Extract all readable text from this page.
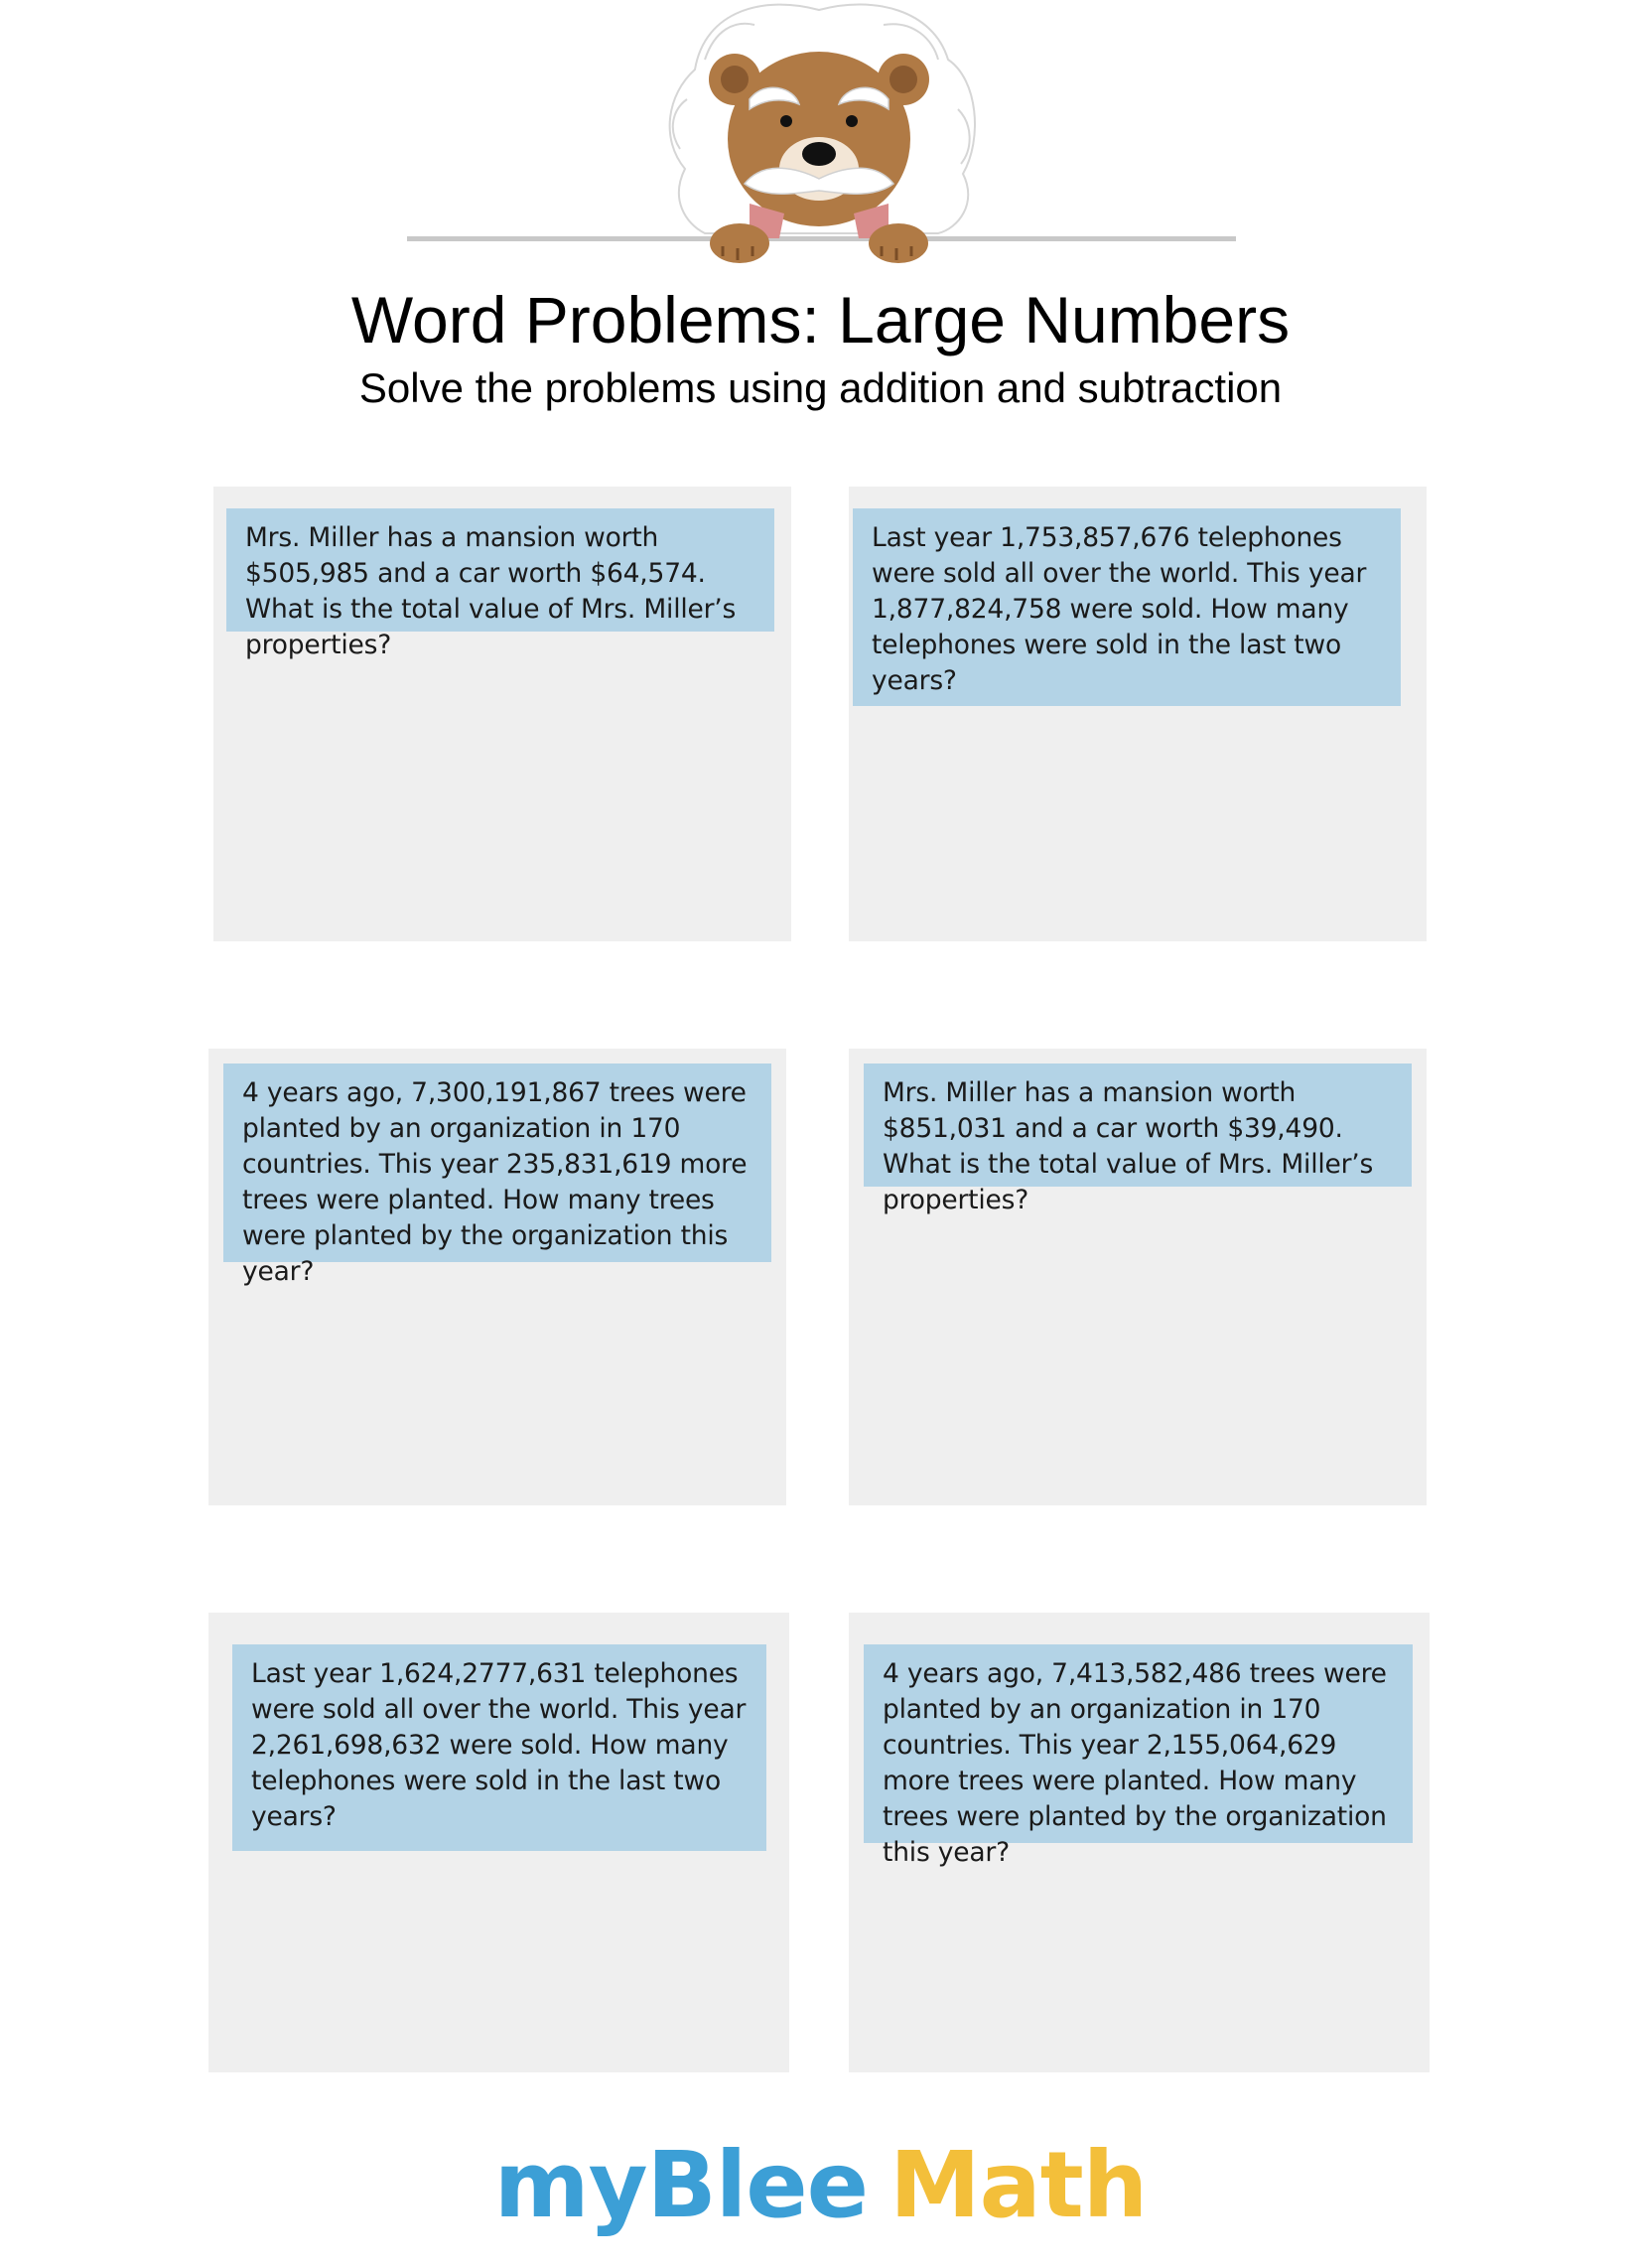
Word Problems: Large Numbers
Solve the problems using addition and subtraction
Mrs. Miller has a mansion worth $505,985 and a car worth $64,574. What is the total value of Mrs. Miller’s properties?
Last year 1,753,857,676 telephones were sold all over the world. This year 1,877,824,758 were sold. How many telephones were sold in the last two years?
4 years ago, 7,300,191,867 trees were planted by an organization in 170 countries. This year 235,831,619 more trees were planted. How many trees were planted by the organization this year?
Mrs. Miller has a mansion worth $851,031 and a car worth $39,490. What is the total value of Mrs. Miller’s properties?
Last year 1,624,2777,631 telephones were sold all over the world. This year 2,261,698,632 were sold. How many telephones were sold in the last two years?
4 years ago, 7,413,582,486 trees were planted by an organization in 170 countries. This year 2,155,064,629 more trees were planted. How many trees were planted by the organization this year?
myBlee Math
